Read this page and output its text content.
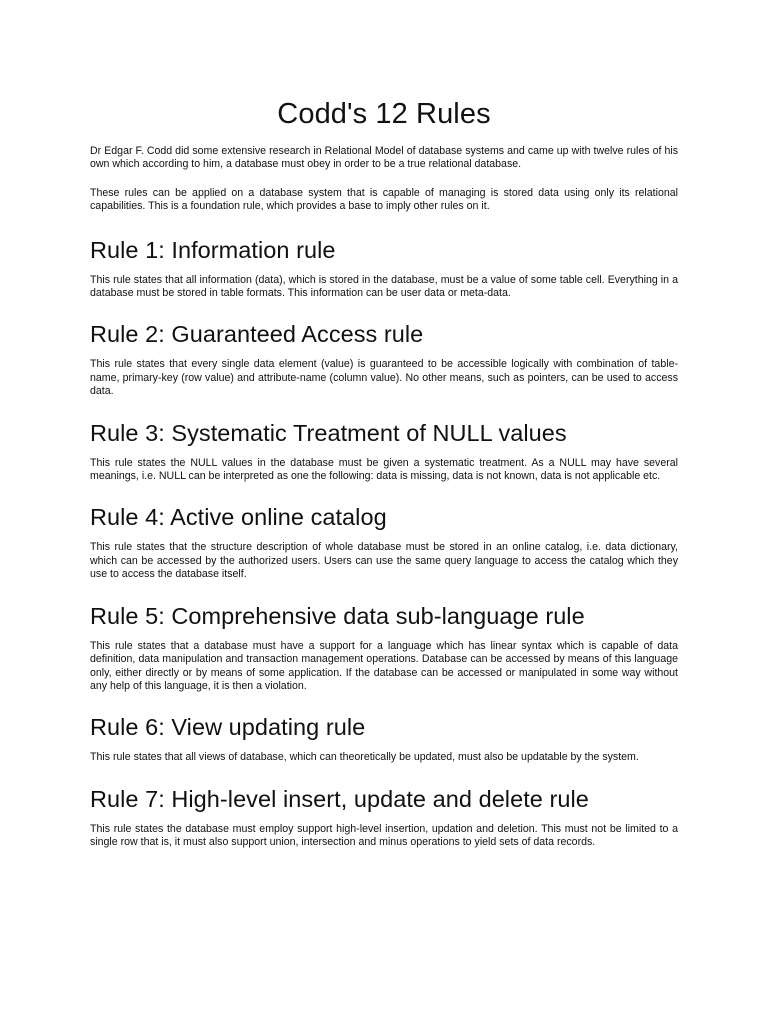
Codd's 12 Rules

Dr Edgar F. Codd did some extensive research in Relational Model of database systems and came up with twelve rules of his own which according to him, a database must obey in order to be a true relational database.

These rules can be applied on a database system that is capable of managing is stored data using only its relational capabilities. This is a foundation rule, which provides a base to imply other rules on it.

Rule 1: Information rule

This rule states that all information (data), which is stored in the database, must be a value of some table cell. Everything in a database must be stored in table formats. This information can be user data or meta-data.

Rule 2: Guaranteed Access rule

This rule states that every single data element (value) is guaranteed to be accessible logically with combination of table-name, primary-key (row value) and attribute-name (column value). No other means, such as pointers, can be used to access data.

Rule 3: Systematic Treatment of NULL values

This rule states the NULL values in the database must be given a systematic treatment. As a NULL may have several meanings, i.e. NULL can be interpreted as one the following: data is missing, data is not known, data is not applicable etc.

Rule 4: Active online catalog

This rule states that the structure description of whole database must be stored in an online catalog, i.e. data dictionary, which can be accessed by the authorized users. Users can use the same query language to access the catalog which they use to access the database itself.

Rule 5: Comprehensive data sub-language rule

This rule states that a database must have a support for a language which has linear syntax which is capable of data definition, data manipulation and transaction management operations. Database can be accessed by means of this language only, either directly or by means of some application. If the database can be accessed or manipulated in some way without any help of this language, it is then a violation.

Rule 6: View updating rule

This rule states that all views of database, which can theoretically be updated, must also be updatable by the system.

Rule 7: High-level insert, update and delete rule

This rule states the database must employ support high-level insertion, updation and deletion. This must not be limited to a single row that is, it must also support union, intersection and minus operations to yield sets of data records.
